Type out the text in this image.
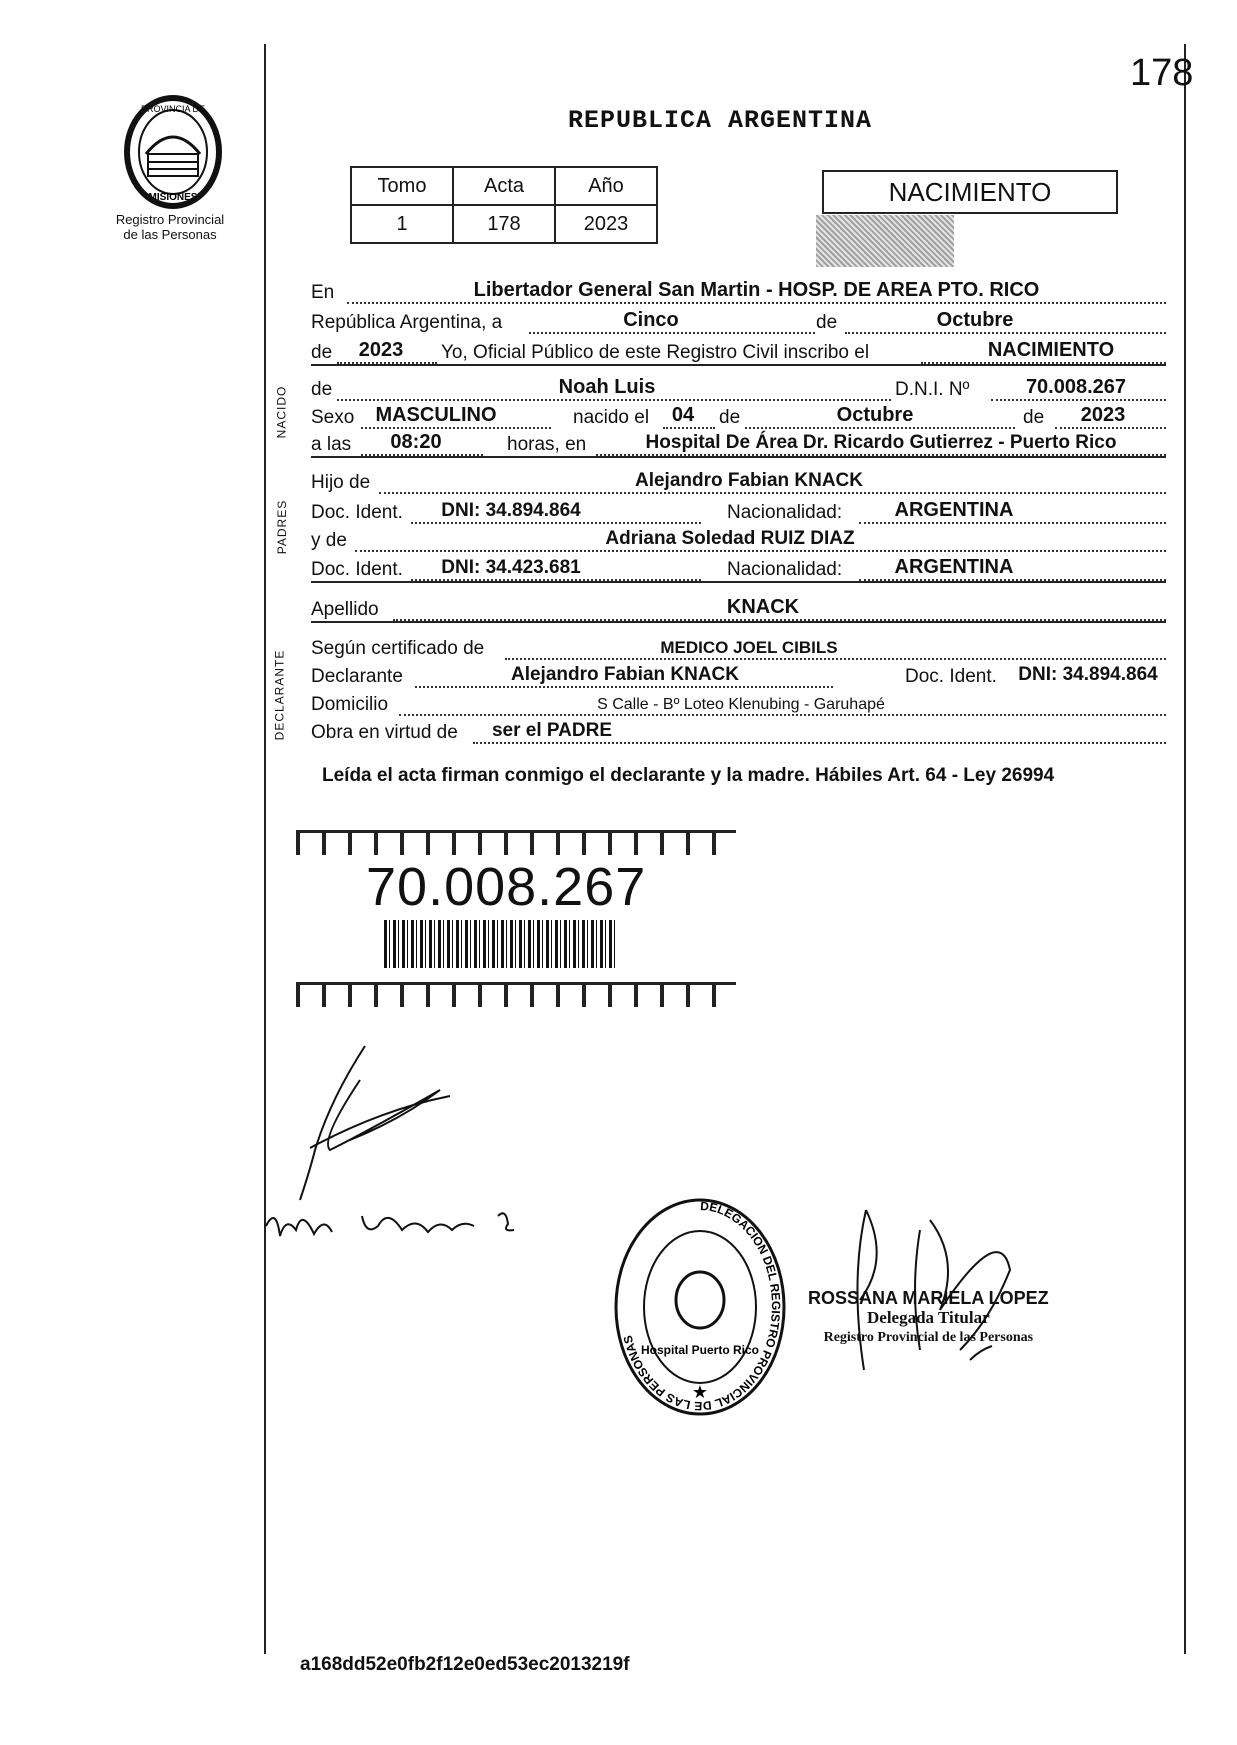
PROVINCIA DE
MISIONES
Registro Provincial
de las Personas
178
REPUBLICA ARGENTINA
Tomo	Acta	Año
1	178	2023
NACIMIENTO
En	Libertador General San Martin - HOSP. DE AREA PTO. RICO
República Argentina, a	Cinco	de	Octubre
de	2023	Yo, Oficial Público de este Registro Civil inscribo el	NACIMIENTO
NACIDO de	Noah Luis	D.N.I. Nº	70.008.267
Sexo	MASCULINO	nacido el	04	de	Octubre	de	2023
a las	08:20	horas, en	Hospital De Área Dr. Ricardo Gutierrez - Puerto Rico
PADRES
Hijo de	Alejandro Fabian KNACK
Doc. Ident.	DNI: 34.894.864	Nacionalidad:	ARGENTINA
y de	Adriana Soledad RUIZ DIAZ
Doc. Ident.	DNI: 34.423.681	Nacionalidad:	ARGENTINA
Apellido	KNACK
DECLARANTE
Según certificado de	MEDICO JOEL CIBILS
Declarante	Alejandro Fabian KNACK	Doc. Ident.	DNI: 34.894.864
Domicilio	S Calle - Bº Loteo Klenubing - Garuhapé
Obra en virtud de	ser el PADRE
Leída el acta firman conmigo el declarante y la madre. Hábiles Art. 64 - Ley 26994
70.008.267
DELEGACION DEL REGISTRO PROVINCIAL DE LAS PERSONAS
Hospital Puerto Rico
★
ROSSANA MARIELA LOPEZ
Delegada Titular
Registro Provincial de las Personas
a168dd52e0fb2f12e0ed53ec2013219f
